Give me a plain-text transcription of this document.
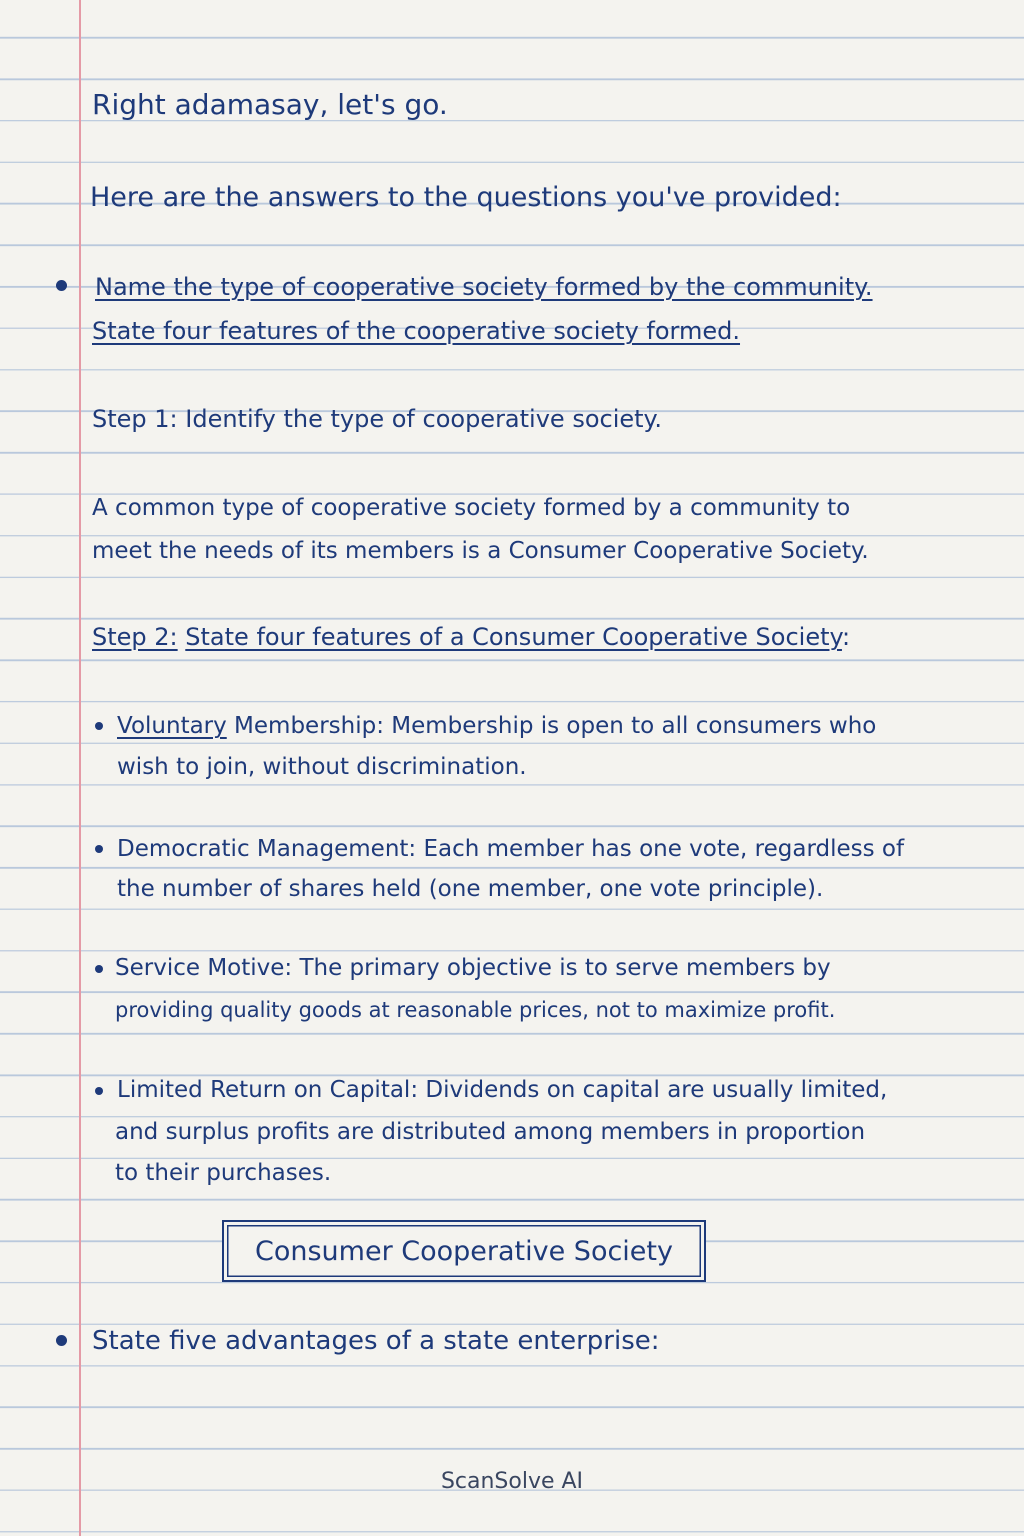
Right adamasay, let's go.

Here are the answers to the questions you've provided:

Name the type of cooperative society formed by the community.

State four features of the cooperative society formed.

Step 1: Identify the type of cooperative society.

A common type of cooperative society formed by a community to

meet the needs of its members is a Consumer Cooperative Society.

Step 2: State four features of a Consumer Cooperative Society:

Voluntary Membership: Membership is open to all consumers who

wish to join, without discrimination.

Democratic Management: Each member has one vote, regardless of

the number of shares held (one member, one vote principle).

Service Motive: The primary objective is to serve members by

providing quality goods at reasonable prices, not to maximize profit.

Limited Return on Capital: Dividends on capital are usually limited,

and surplus profits are distributed among members in proportion

to their purchases.

Consumer Cooperative Society

State five advantages of a state enterprise:

ScanSolve AI
